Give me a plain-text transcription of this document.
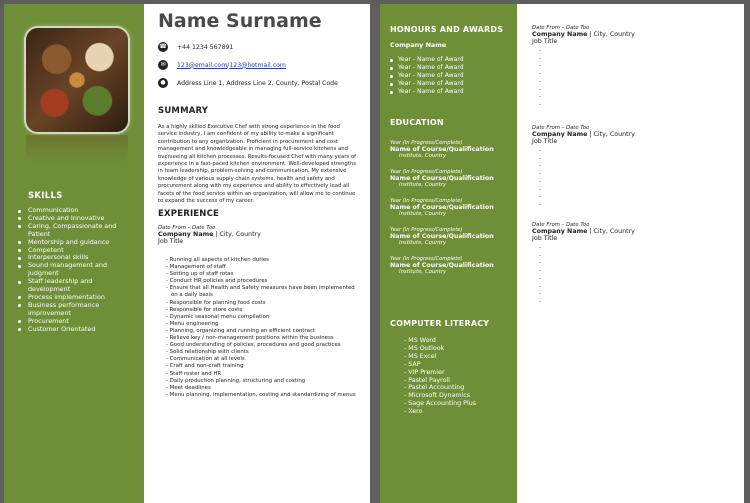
SKILLS
Communication
Creative and Innovative
Caring, Compassionate and Patient
Mentorship and guidance
Competent
Interpersonal skills
Sound management and judgment
Staff leadership and development
Process implementation
Business performance improvement
Procurement
Customer Orientated
Name Surname
☎ +44 1234 567891
✉	123@email.com / 123@hotmail.com
●	Address Line 1, Address Line 2, County, Postal Code
SUMMARY
As a highly skilled Executive Chef with strong experience in the food service industry, I am confident of my ability to make a significant contribution to any organization. Proficient in procurement and cost management and knowledgeable in managing full-service kitchens and overseeing all kitchen processes. Results-focused Chef with many years of experience in a fast-paced kitchen environment. Well-developed strengths in team leadership, problem-solving and communication. My extensive knowledge of various supply chain systems, health and safety and procurement along with my experience and ability to effectively lead all facets of the food service within an organization, will allow me to continue to expand the success of my career.
EXPERIENCE
Date From – Date Too
Company Name | City, Country
Job Title
- Running all aspects of kitchen duties
- Management of staff
- Setting up of staff rotas
- Conduct HR policies and procedures
- Ensure that all Health and Safety measures have been implemented on a daily basis
- Responsible for planning food costs
- Responsible for store costs
- Dynamic seasonal menu compilation
- Menu engineering
- Planning, organizing and running an efficient contract
- Relieve key / non-management positions within the business
- Good understanding of policies, procedures and good practices
- Solid relationship with clients
- Communication at all levels
- Craft and non-craft training
- Staff roster and HR
- Daily production planning, structuring and costing
- Meet deadlines
- Menu planning, implementation, costing and standardizing of menus
HONOURS AND AWARDS
Company Name
Year - Name of Award
Year - Name of Award
Year - Name of Award
Year - Name of Award
Year - Name of Award
EDUCATION
Year (In Progress/Complete)
Name of Course/Qualification
Institute, Country
Year (In Progress/Complete)
Name of Course/Qualification
Institute, Country
Year (In Progress/Complete)
Name of Course/Qualification
Institute, Country
Year (In Progress/Complete)
Name of Course/Qualification
Institute, Country
Year (In Progress/Complete)
Name of Course/Qualification
Institute, Country
COMPUTER LITERACY
- MS Word
- MS Outlook
- MS Excel
- SAP
- VIP Premier
- Pastel Payroll
- Pastel Accounting
- Microsoft Dynamics
- Sage Accounting Plus
- Xero
Date From – Date Too
Company Name | City, Country
Job Title
-
-
-
-
-
-
-
-
Date From – Date Too
Company Name | City, Country
Job Title
-
-
-
-
-
-
-
-
Date From – Date Too
Company Name | City, Country
Job Title
-
-
-
-
-
-
-
-
